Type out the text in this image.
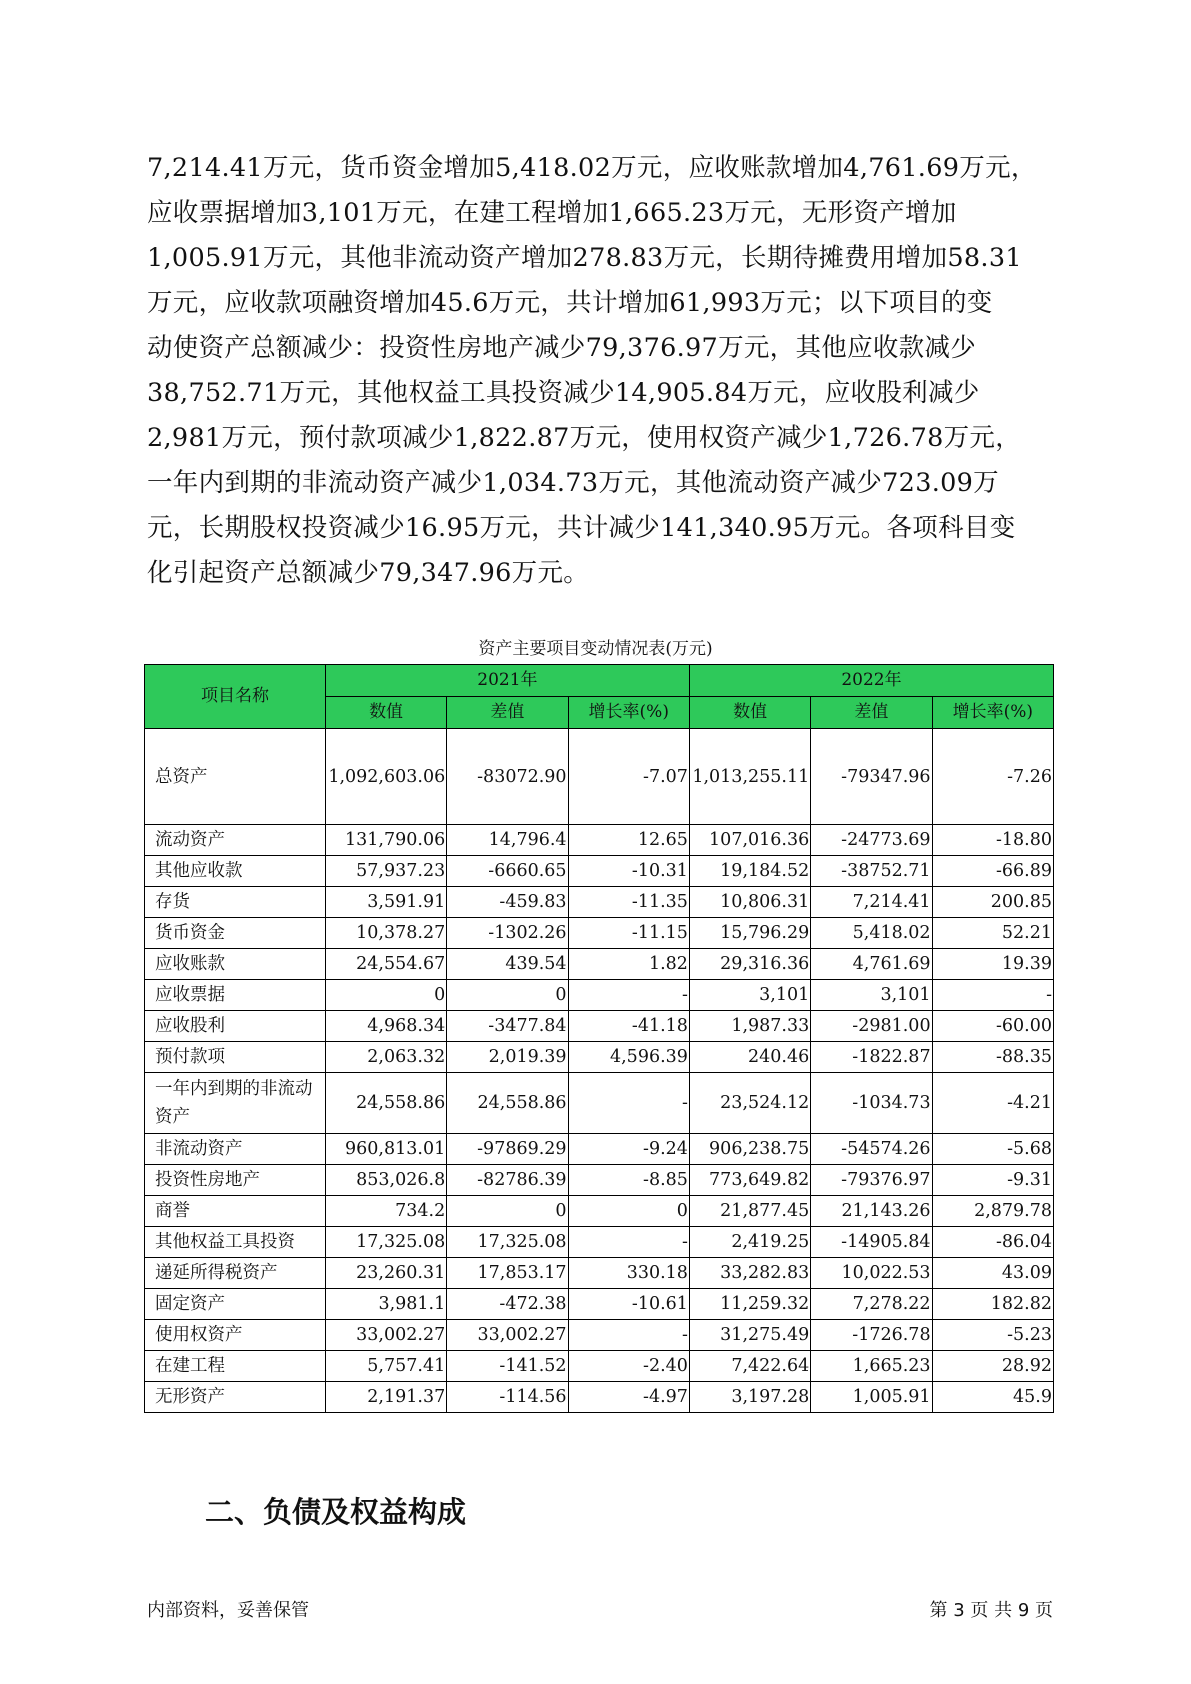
7,214.41万元，货币资金增加5,418.02万元，应收账款增加4,761.69万元，
应收票据增加3,101万元，在建工程增加1,665.23万元，无形资产增加
1,005.91万元，其他非流动资产增加278.83万元，长期待摊费用增加58.31
万元，应收款项融资增加45.6万元，共计增加61,993万元；以下项目的变
动使资产总额减少：投资性房地产减少79,376.97万元，其他应收款减少
38,752.71万元，其他权益工具投资减少14,905.84万元，应收股利减少
2,981万元，预付款项减少1,822.87万元，使用权资产减少1,726.78万元，
一年内到期的非流动资产减少1,034.73万元，其他流动资产减少723.09万
元，长期股权投资减少16.95万元，共计减少141,340.95万元。各项科目变
化引起资产总额减少79,347.96万元。
资产主要项目变动情况表(万元)
项目名称	2021年			2022年		
	数值	差值	增长率(%)	数值	差值	增长率(%)
总资产	1,092,603.06	-83072.90	-7.07	1,013,255.11	-79347.96	-7.26
流动资产	131,790.06	14,796.4	12.65	107,016.36	-24773.69	-18.80
其他应收款	57,937.23	-6660.65	-10.31	19,184.52	-38752.71	-66.89
存货	3,591.91	-459.83	-11.35	10,806.31	7,214.41	200.85
货币资金	10,378.27	-1302.26	-11.15	15,796.29	5,418.02	52.21
应收账款	24,554.67	439.54	1.82	29,316.36	4,761.69	19.39
应收票据	0	0	-	3,101	3,101	-
应收股利	4,968.34	-3477.84	-41.18	1,987.33	-2981.00	-60.00
预付款项	2,063.32	2,019.39	4,596.39	240.46	-1822.87	-88.35
一年内到期的非流动资产	24,558.86	24,558.86	-	23,524.12	-1034.73	-4.21
非流动资产	960,813.01	-97869.29	-9.24	906,238.75	-54574.26	-5.68
投资性房地产	853,026.8	-82786.39	-8.85	773,649.82	-79376.97	-9.31
商誉	734.2	0	0	21,877.45	21,143.26	2,879.78
其他权益工具投资	17,325.08	17,325.08	-	2,419.25	-14905.84	-86.04
递延所得税资产	23,260.31	17,853.17	330.18	33,282.83	10,022.53	43.09
固定资产	3,981.1	-472.38	-10.61	11,259.32	7,278.22	182.82
使用权资产	33,002.27	33,002.27	-	31,275.49	-1726.78	-5.23
在建工程	5,757.41	-141.52	-2.40	7,422.64	1,665.23	28.92
无形资产	2,191.37	-114.56	-4.97	3,197.28	1,005.91	45.9
二、负债及权益构成
内部资料，妥善保管	第 3 页 共 9 页
